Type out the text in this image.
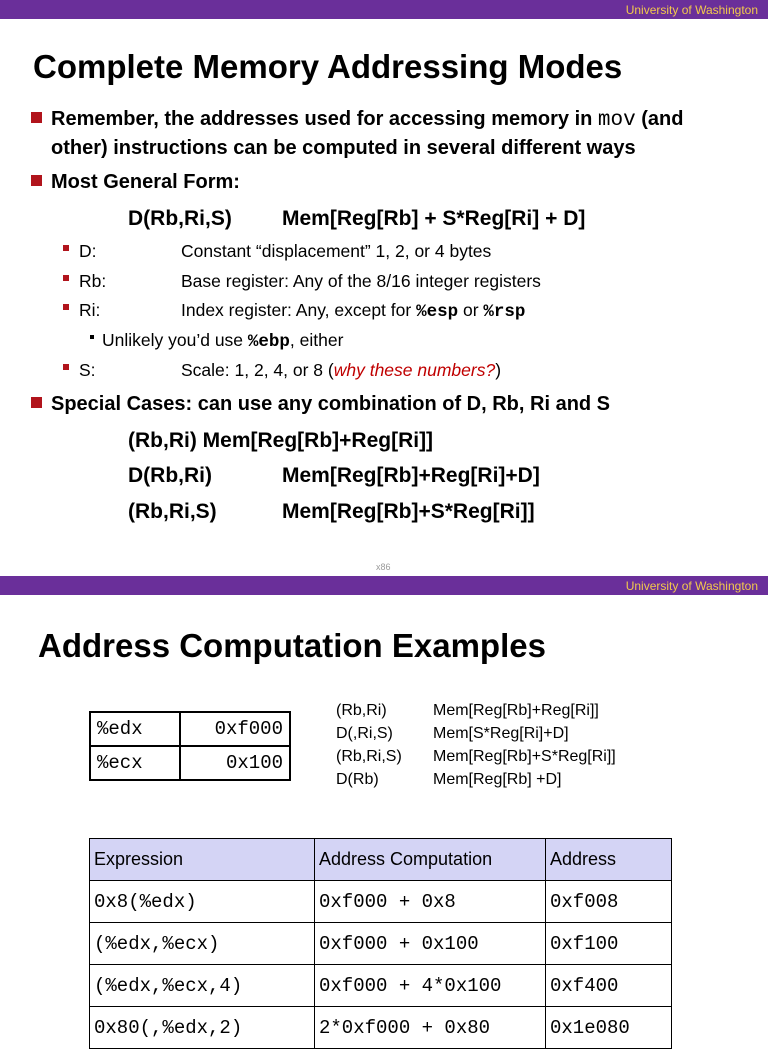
University of Washington
Complete Memory Addressing Modes
Remember, the addresses used for accessing memory in mov (and
other) instructions can be computed in several different ways
Most General Form:
D(Rb,Ri,S) Mem[Reg[Rb] + S*Reg[Ri] + D]
D:	Constant “displacement” 1, 2, or 4 bytes
Rb:	Base register: Any of the 8/16 integer registers
Ri:	Index register: Any, except for %esp or %rsp
Unlikely you’d use %ebp, either
S:	Scale: 1, 2, 4, or 8 (why these numbers?)
Special Cases: can use any combination of D, Rb, Ri and S
(Rb,Ri) Mem[Reg[Rb]+Reg[Ri]]
D(Rb,Ri)	Mem[Reg[Rb]+Reg[Ri]+D]
(Rb,Ri,S)	Mem[Reg[Rb]+S*Reg[Ri]]
x86
University of Washington
Address Computation Examples
%edx	0xf000
%ecx	0x100
(Rb,Ri)	Mem[Reg[Rb]+Reg[Ri]]
D(,Ri,S)	Mem[S*Reg[Ri]+D]
(Rb,Ri,S) Mem[Reg[Rb]+S*Reg[Ri]]
D(Rb)	Mem[Reg[Rb] +D]
Expression	Address Computation	Address
0x8(%edx)	0xf000 + 0x8	0xf008
(%edx,%ecx)	0xf000 + 0x100	0xf100
(%edx,%ecx,4)	0xf000 + 4*0x100	0xf400
0x80(,%edx,2)	2*0xf000 + 0x80	0x1e080
